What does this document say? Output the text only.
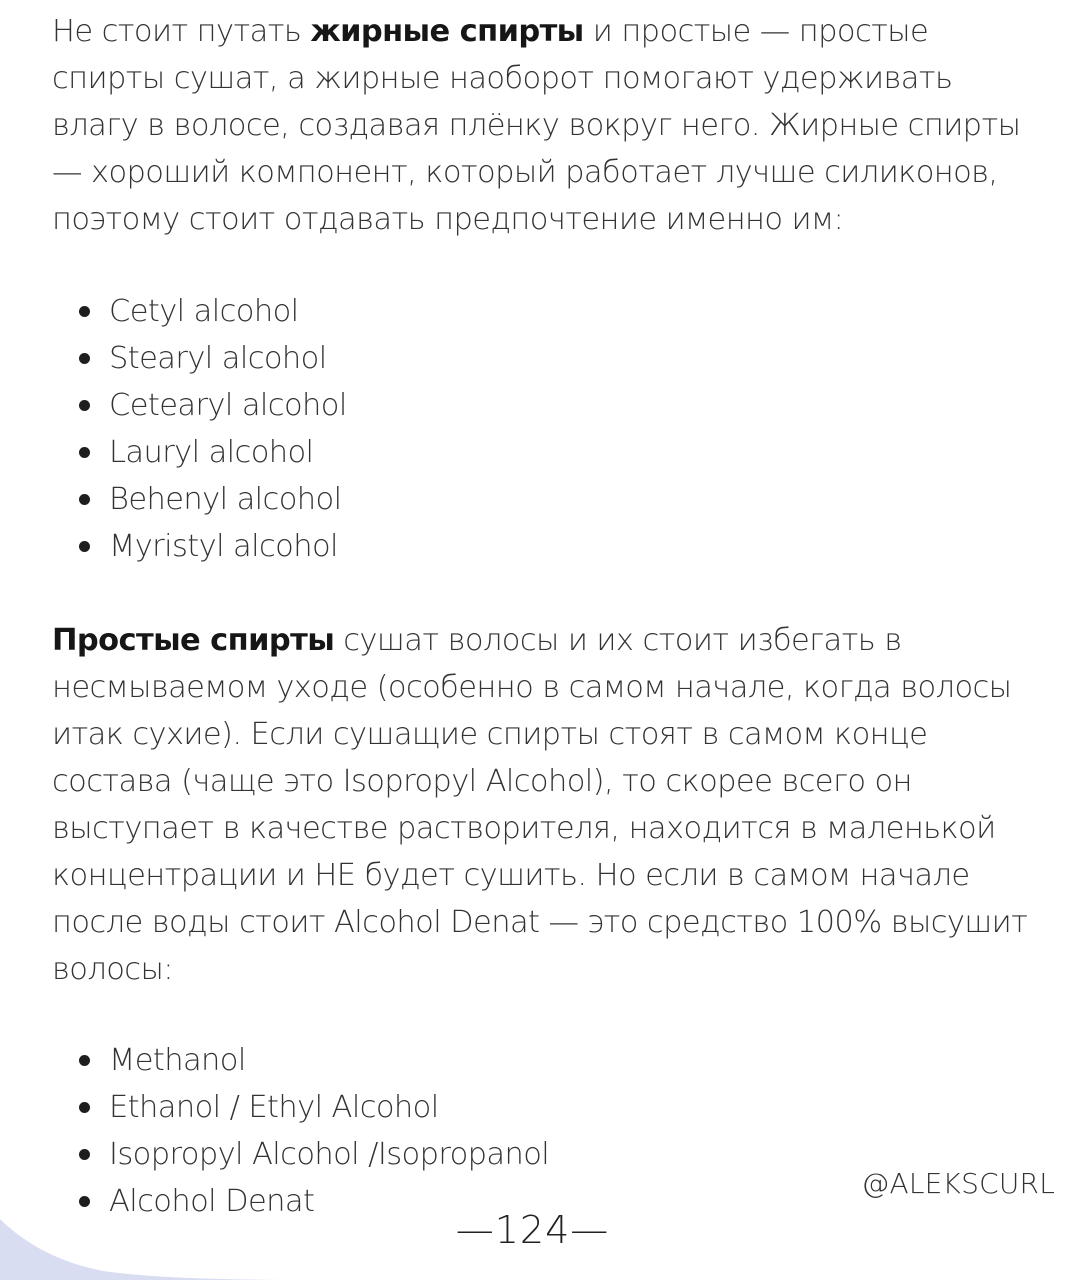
Не стоит путать жирные спирты и простые — простые спирты сушат, а жирные наоборот помогают удерживать влагу в волосе, создавая плёнку вокруг него. Жирные спирты — хороший компонент, который работает лучше силиконов, поэтому стоит отдавать предпочтение именно им:

Cetyl alcohol
Stearyl alcohol
Cetearyl alcohol
Lauryl alcohol
Behenyl alcohol
Myristyl alcohol

Простые спирты сушат волосы и их стоит избегать в несмываемом уходе (особенно в самом начале, когда волосы итак сухие). Если сушащие спирты стоят в самом конце состава (чаще это Isopropyl Alcohol), то скорее всего он выступает в качестве растворителя, находится в маленькой концентрации и НЕ будет сушить. Но если в самом начале после воды стоит Alcohol Denat — это средство 100% высушит волосы:

Methanol
Ethanol / Ethyl Alcohol
Isopropyl Alcohol /Isopropanol
Alcohol Denat
@ALEKSCURL
—124—
